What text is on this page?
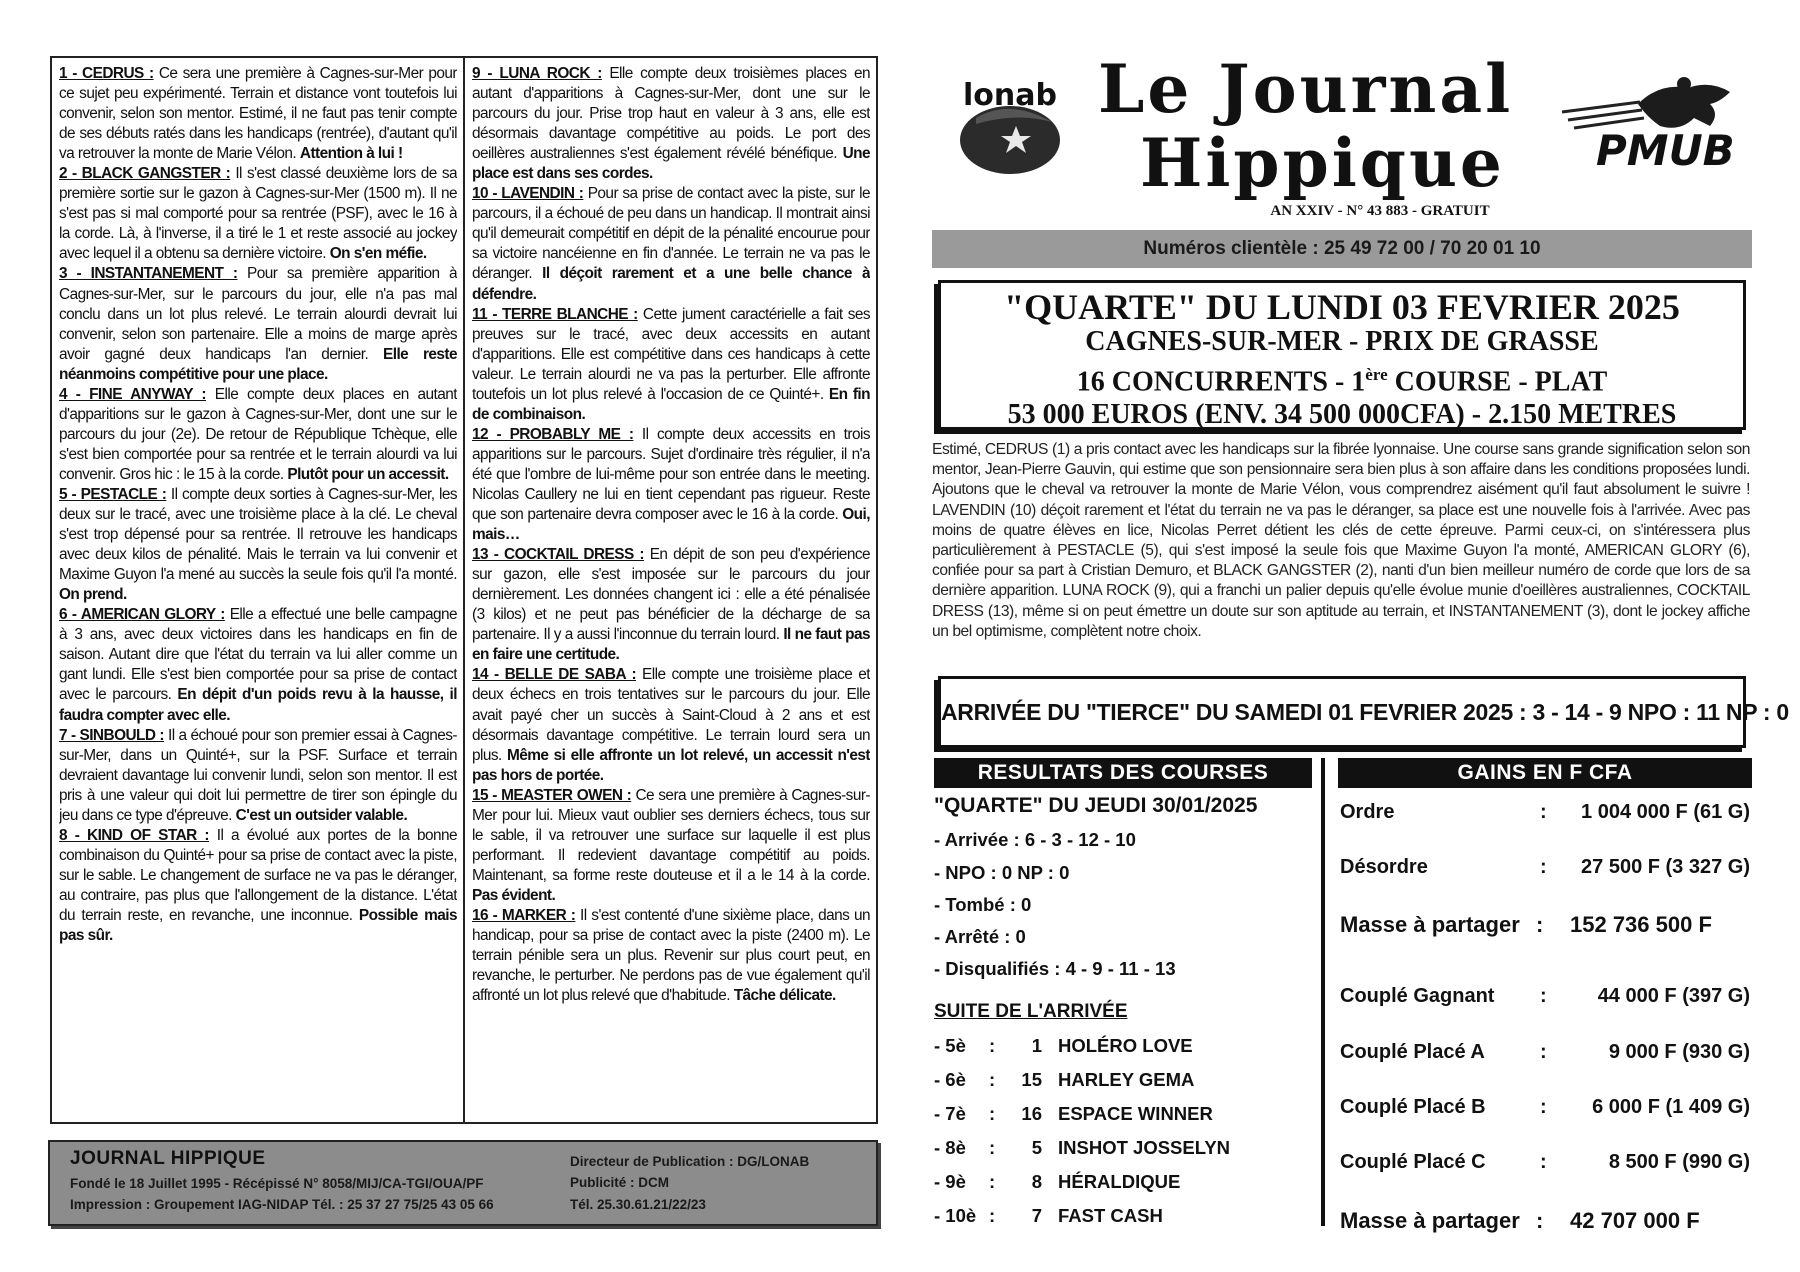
1 - CEDRUS : Ce sera une première à Cagnes-sur-Mer pour ce sujet peu expérimenté. Terrain et distance vont toutefois lui convenir, selon son mentor. Estimé, il ne faut pas tenir compte de ses débuts ratés dans les handicaps (rentrée), d'autant qu'il va retrouver la monte de Marie Vélon. Attention à lui !

2 - BLACK GANGSTER : Il s'est classé deuxième lors de sa première sortie sur le gazon à Cagnes-sur-Mer (1500 m). Il ne s'est pas si mal comporté pour sa rentrée (PSF), avec le 16 à la corde. Là, à l'inverse, il a tiré le 1 et reste associé au jockey avec lequel il a obtenu sa dernière victoire. On s'en méfie.

3 - INSTANTANEMENT : Pour sa première apparition à Cagnes-sur-Mer, sur le parcours du jour, elle n'a pas mal conclu dans un lot plus relevé. Le terrain alourdi devrait lui convenir, selon son partenaire. Elle a moins de marge après avoir gagné deux handicaps l'an dernier. Elle reste néanmoins compétitive pour une place.

4 - FINE ANYWAY : Elle compte deux places en autant d'apparitions sur le gazon à Cagnes-sur-Mer, dont une sur le parcours du jour (2e). De retour de République Tchèque, elle s'est bien comportée pour sa rentrée et le terrain alourdi va lui convenir. Gros hic : le 15 à la corde. Plutôt pour un accessit.

5 - PESTACLE : Il compte deux sorties à Cagnes-sur-Mer, les deux sur le tracé, avec une troisième place à la clé. Le cheval s'est trop dépensé pour sa rentrée. Il retrouve les handicaps avec deux kilos de pénalité. Mais le terrain va lui convenir et Maxime Guyon l'a mené au succès la seule fois qu'il l'a monté. On prend.

6 - AMERICAN GLORY : Elle a effectué une belle campagne à 3 ans, avec deux victoires dans les handicaps en fin de saison. Autant dire que l'état du terrain va lui aller comme un gant lundi. Elle s'est bien comportée pour sa prise de contact avec le parcours. En dépit d'un poids revu à la hausse, il faudra compter avec elle.

7 - SINBOULD : Il a échoué pour son premier essai à Cagnes-sur-Mer, dans un Quinté+, sur la PSF. Surface et terrain devraient davantage lui convenir lundi, selon son mentor. Il est pris à une valeur qui doit lui permettre de tirer son épingle du jeu dans ce type d'épreuve. C'est un outsider valable.

8 - KIND OF STAR : Il a évolué aux portes de la bonne combinaison du Quinté+ pour sa prise de contact avec la piste, sur le sable. Le changement de surface ne va pas le déranger, au contraire, pas plus que l'allongement de la distance. L'état du terrain reste, en revanche, une inconnue. Possible mais pas sûr.

9 - LUNA ROCK : Elle compte deux troisièmes places en autant d'apparitions à Cagnes-sur-Mer, dont une sur le parcours du jour. Prise trop haut en valeur à 3 ans, elle est désormais davantage compétitive au poids. Le port des oeillères australiennes s'est également révélé bénéfique. Une place est dans ses cordes.

10 - LAVENDIN : Pour sa prise de contact avec la piste, sur le parcours, il a échoué de peu dans un handicap. Il montrait ainsi qu'il demeurait compétitif en dépit de la pénalité encourue pour sa victoire nancéienne en fin d'année. Le terrain ne va pas le déranger. Il déçoit rarement et a une belle chance à défendre.

11 - TERRE BLANCHE : Cette jument caractérielle a fait ses preuves sur le tracé, avec deux accessits en autant d'apparitions. Elle est compétitive dans ces handicaps à cette valeur. Le terrain alourdi ne va pas la perturber. Elle affronte toutefois un lot plus relevé à l'occasion de ce Quinté+. En fin de combinaison.

12 - PROBABLY ME : Il compte deux accessits en trois apparitions sur le parcours. Sujet d'ordinaire très régulier, il n'a été que l'ombre de lui-même pour son entrée dans le meeting. Nicolas Caullery ne lui en tient cependant pas rigueur. Reste que son partenaire devra composer avec le 16 à la corde. Oui, mais…

13 - COCKTAIL DRESS : En dépit de son peu d'expérience sur gazon, elle s'est imposée sur le parcours du jour dernièrement. Les données changent ici : elle a été pénalisée (3 kilos) et ne peut pas bénéficier de la décharge de sa partenaire. Il y a aussi l'inconnue du terrain lourd. Il ne faut pas en faire une certitude.

14 - BELLE DE SABA : Elle compte une troisième place et deux échecs en trois tentatives sur le parcours du jour. Elle avait payé cher un succès à Saint-Cloud à 2 ans et est désormais davantage compétitive. Le terrain lourd sera un plus. Même si elle affronte un lot relevé, un accessit n'est pas hors de portée.

15 - MEASTER OWEN : Ce sera une première à Cagnes-sur-Mer pour lui. Mieux vaut oublier ses derniers échecs, tous sur le sable, il va retrouver une surface sur laquelle il est plus performant. Il redevient davantage compétitif au poids. Maintenant, sa forme reste douteuse et il a le 14 à la corde. Pas évident.

16 - MARKER : Il s'est contenté d'une sixième place, dans un handicap, pour sa prise de contact avec la piste (2400 m). Le terrain pénible sera un plus. Revenir sur plus court peut, en revanche, le perturber. Ne perdons pas de vue également qu'il affronté un lot plus relevé que d'habitude. Tâche délicate.

JOURNAL HIPPIQUE
Fondé le 18 Juillet 1995 - Récépissé N° 8058/MIJ/CA-TGI/OUA/PF
Impression : Groupement IAG-NIDAP Tél. : 25 37 27 75/25 43 05 66
Directeur de Publication : DG/LONAB
Publicité : DCM
Tél. 25.30.61.21/22/23
lonab Le Journal
Hippique PMUB
AN XXIV - N° 43 883 - GRATUIT
Numéros clientèle : 25 49 72 00 / 70 20 01 10
"QUARTE" DU LUNDI 03 FEVRIER 2025
CAGNES-SUR-MER - PRIX DE GRASSE
16 CONCURRENTS - 1ère COURSE - PLAT
53 000 EUROS (ENV. 34 500 000CFA) - 2.150 METRES
Estimé, CEDRUS (1) a pris contact avec les handicaps sur la fibrée lyonnaise. Une course sans grande signification selon son mentor, Jean-Pierre Gauvin, qui estime que son pensionnaire sera bien plus à son affaire dans les conditions proposées lundi. Ajoutons que le cheval va retrouver la monte de Marie Vélon, vous comprendrez aisément qu'il faut absolument le suivre ! LAVENDIN (10) déçoit rarement et l'état du terrain ne va pas le déranger, sa place est une nouvelle fois à l'arrivée. Avec pas moins de quatre élèves en lice, Nicolas Perret détient les clés de cette épreuve. Parmi ceux-ci, on s'intéressera plus particulièrement à PESTACLE (5), qui s'est imposé la seule fois que Maxime Guyon l'a monté, AMERICAN GLORY (6), confiée pour sa part à Cristian Demuro, et BLACK GANGSTER (2), nanti d'un bien meilleur numéro de corde que lors de sa dernière apparition. LUNA ROCK (9), qui a franchi un palier depuis qu'elle évolue munie d'oeillères australiennes, COCKTAIL DRESS (13), même si on peut émettre un doute sur son aptitude au terrain, et INSTANTANEMENT (3), dont le jockey affiche un bel optimisme, complètent notre choix.
ARRIVÉE DU "TIERCE" DU SAMEDI 01 FEVRIER 2025 : 3 - 14 - 9 NPO : 11 NP : 0
RESULTATS DES COURSES	GAINS EN F CFA
"QUARTE" DU JEUDI 30/01/2025
- Arrivée : 6 - 3 - 12 - 10
- NPO : 0 NP : 0
- Tombé : 0
- Arrêté : 0
- Disqualifiés : 4 - 9 - 11 - 13
SUITE DE L'ARRIVÉE
- 5è :	1 HOLÉRO LOVE
- 6è : 15 HARLEY GEMA
- 7è : 16 ESPACE WINNER
- 8è :	5 INSHOT JOSSELYN
- 9è :	8 HÉRALDIQUE
- 10è :	7 FAST CASH
Ordre	: 1 004 000 F (61 G)
Désordre	: 27 500 F (3 327 G)
Masse à partager : 152 736 500 F
Couplé Gagnant :	44 000 F (397 G)
Couplé Placé A	:	9 000 F (930 G)
Couplé Placé B	: 6 000 F (1 409 G)
Couplé Placé C	:	8 500 F (990 G)
Masse à partager : 42 707 000 F
